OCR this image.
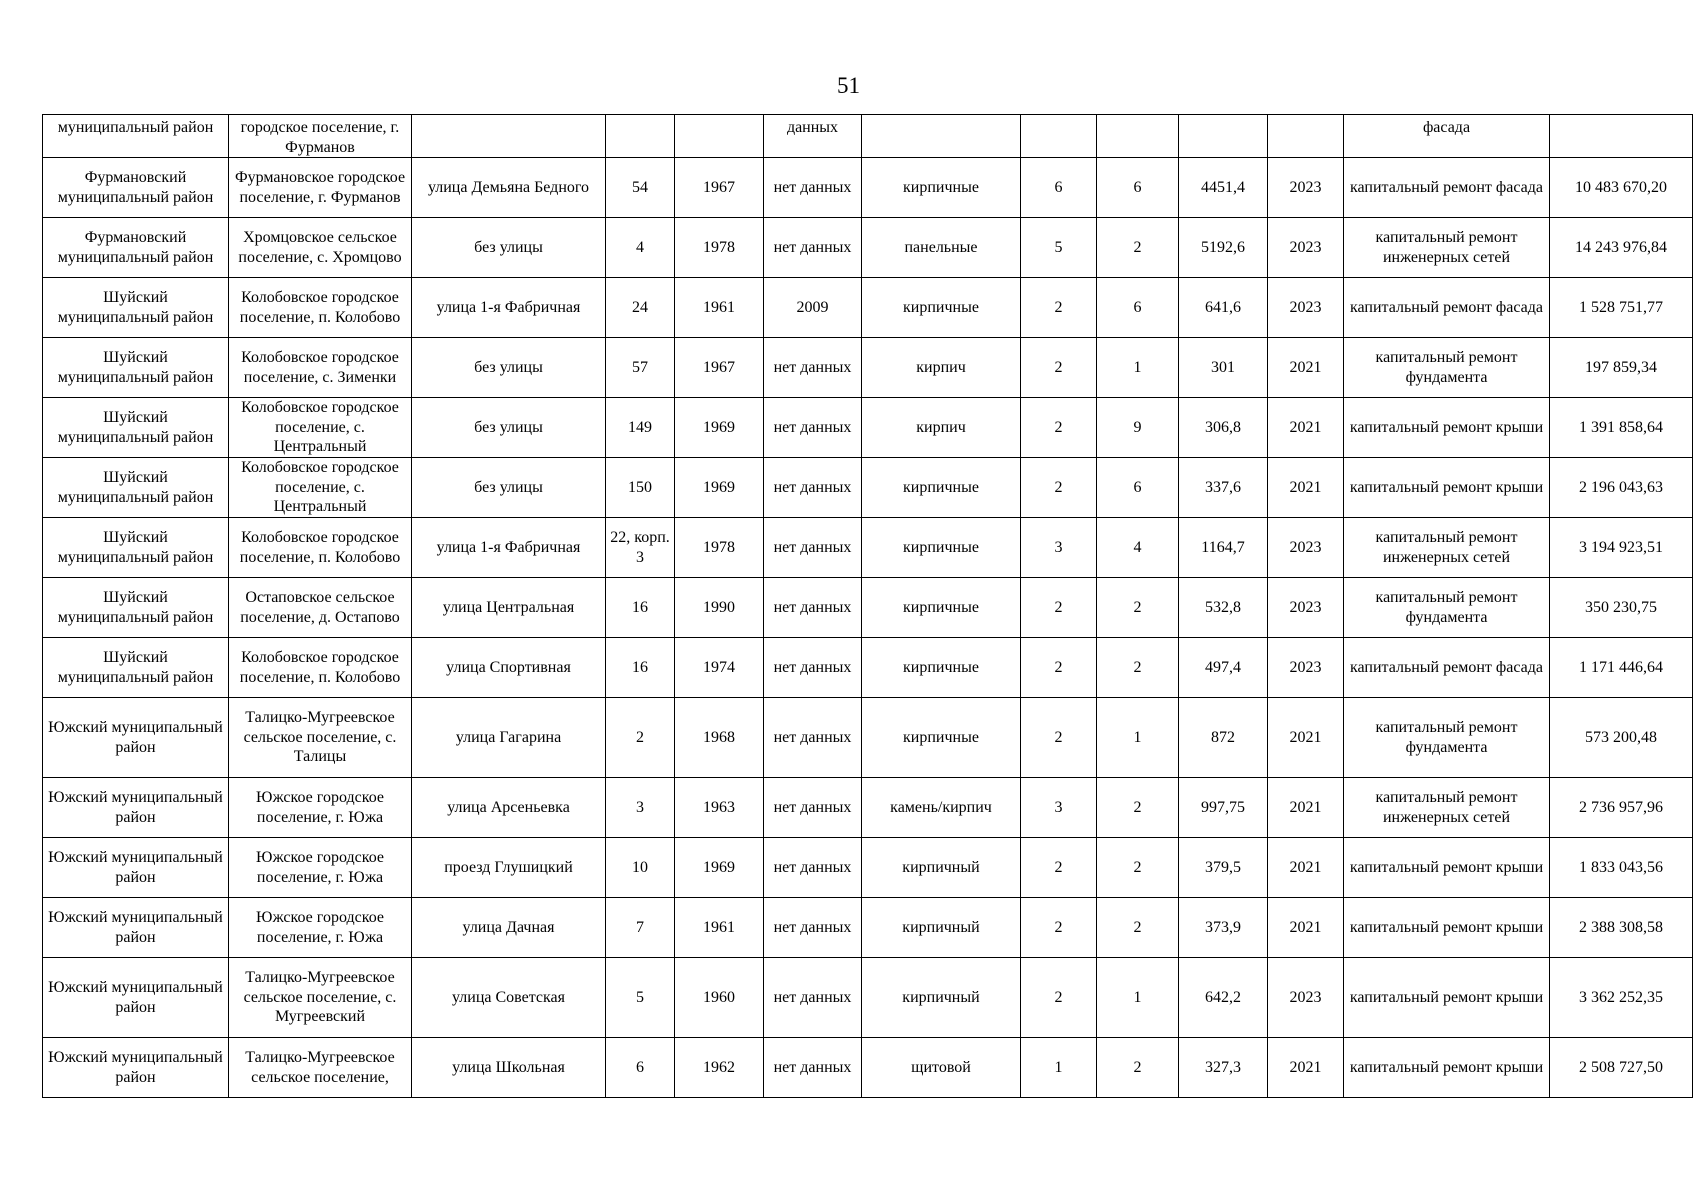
51
муниципальный район	городское поселение, г. Фурманов				данных						фасада	
Фурмановский муниципальный район	Фурмановское городское поселение, г. Фурманов	улица Демьяна Бедного	54	1967	нет данных	кирпичные	6	6	4451,4	2023	капитальный ремонт фасада	10 483 670,20
Фурмановский муниципальный район	Хромцовское сельское поселение, с. Хромцово	без улицы	4	1978	нет данных	панельные	5	2	5192,6	2023	капитальный ремонт инженерных сетей	14 243 976,84
Шуйский муниципальный район	Колобовское городское поселение, п. Колобово	улица 1-я Фабричная	24	1961	2009	кирпичные	2	6	641,6	2023	капитальный ремонт фасада	1 528 751,77
Шуйский муниципальный район	Колобовское городское поселение, с. Зименки	без улицы	57	1967	нет данных	кирпич	2	1	301	2021	капитальный ремонт фундамента	197 859,34
Шуйский муниципальный район	Колобовское городское поселение, с. Центральный	без улицы	149	1969	нет данных	кирпич	2	9	306,8	2021	капитальный ремонт крыши	1 391 858,64
Шуйский муниципальный район	Колобовское городское поселение, с. Центральный	без улицы	150	1969	нет данных	кирпичные	2	6	337,6	2021	капитальный ремонт крыши	2 196 043,63
Шуйский муниципальный район	Колобовское городское поселение, п. Колобово	улица 1-я Фабричная	22, корп. 3	1978	нет данных	кирпичные	3	4	1164,7	2023	капитальный ремонт инженерных сетей	3 194 923,51
Шуйский муниципальный район	Остаповское сельское поселение, д. Остапово	улица Центральная	16	1990	нет данных	кирпичные	2	2	532,8	2023	капитальный ремонт фундамента	350 230,75
Шуйский муниципальный район	Колобовское городское поселение, п. Колобово	улица Спортивная	16	1974	нет данных	кирпичные	2	2	497,4	2023	капитальный ремонт фасада	1 171 446,64
Южский муниципальный район	Талицко-Мугреевское сельское поселение, с. Талицы	улица Гагарина	2	1968	нет данных	кирпичные	2	1	872	2021	капитальный ремонт фундамента	573 200,48
Южский муниципальный район	Южское городское поселение, г. Южа	улица Арсеньевка	3	1963	нет данных	камень/кирпич	3	2	997,75	2021	капитальный ремонт инженерных сетей	2 736 957,96
Южский муниципальный район	Южское городское поселение, г. Южа	проезд Глушицкий	10	1969	нет данных	кирпичный	2	2	379,5	2021	капитальный ремонт крыши	1 833 043,56
Южский муниципальный район	Южское городское поселение, г. Южа	улица Дачная	7	1961	нет данных	кирпичный	2	2	373,9	2021	капитальный ремонт крыши	2 388 308,58
Южский муниципальный район	Талицко-Мугреевское сельское поселение, с. Мугреевский	улица Советская	5	1960	нет данных	кирпичный	2	1	642,2	2023	капитальный ремонт крыши	3 362 252,35
Южский муниципальный район	Талицко-Мугреевское сельское поселение,	улица Школьная	6	1962	нет данных	щитовой	1	2	327,3	2021	капитальный ремонт крыши	2 508 727,50
